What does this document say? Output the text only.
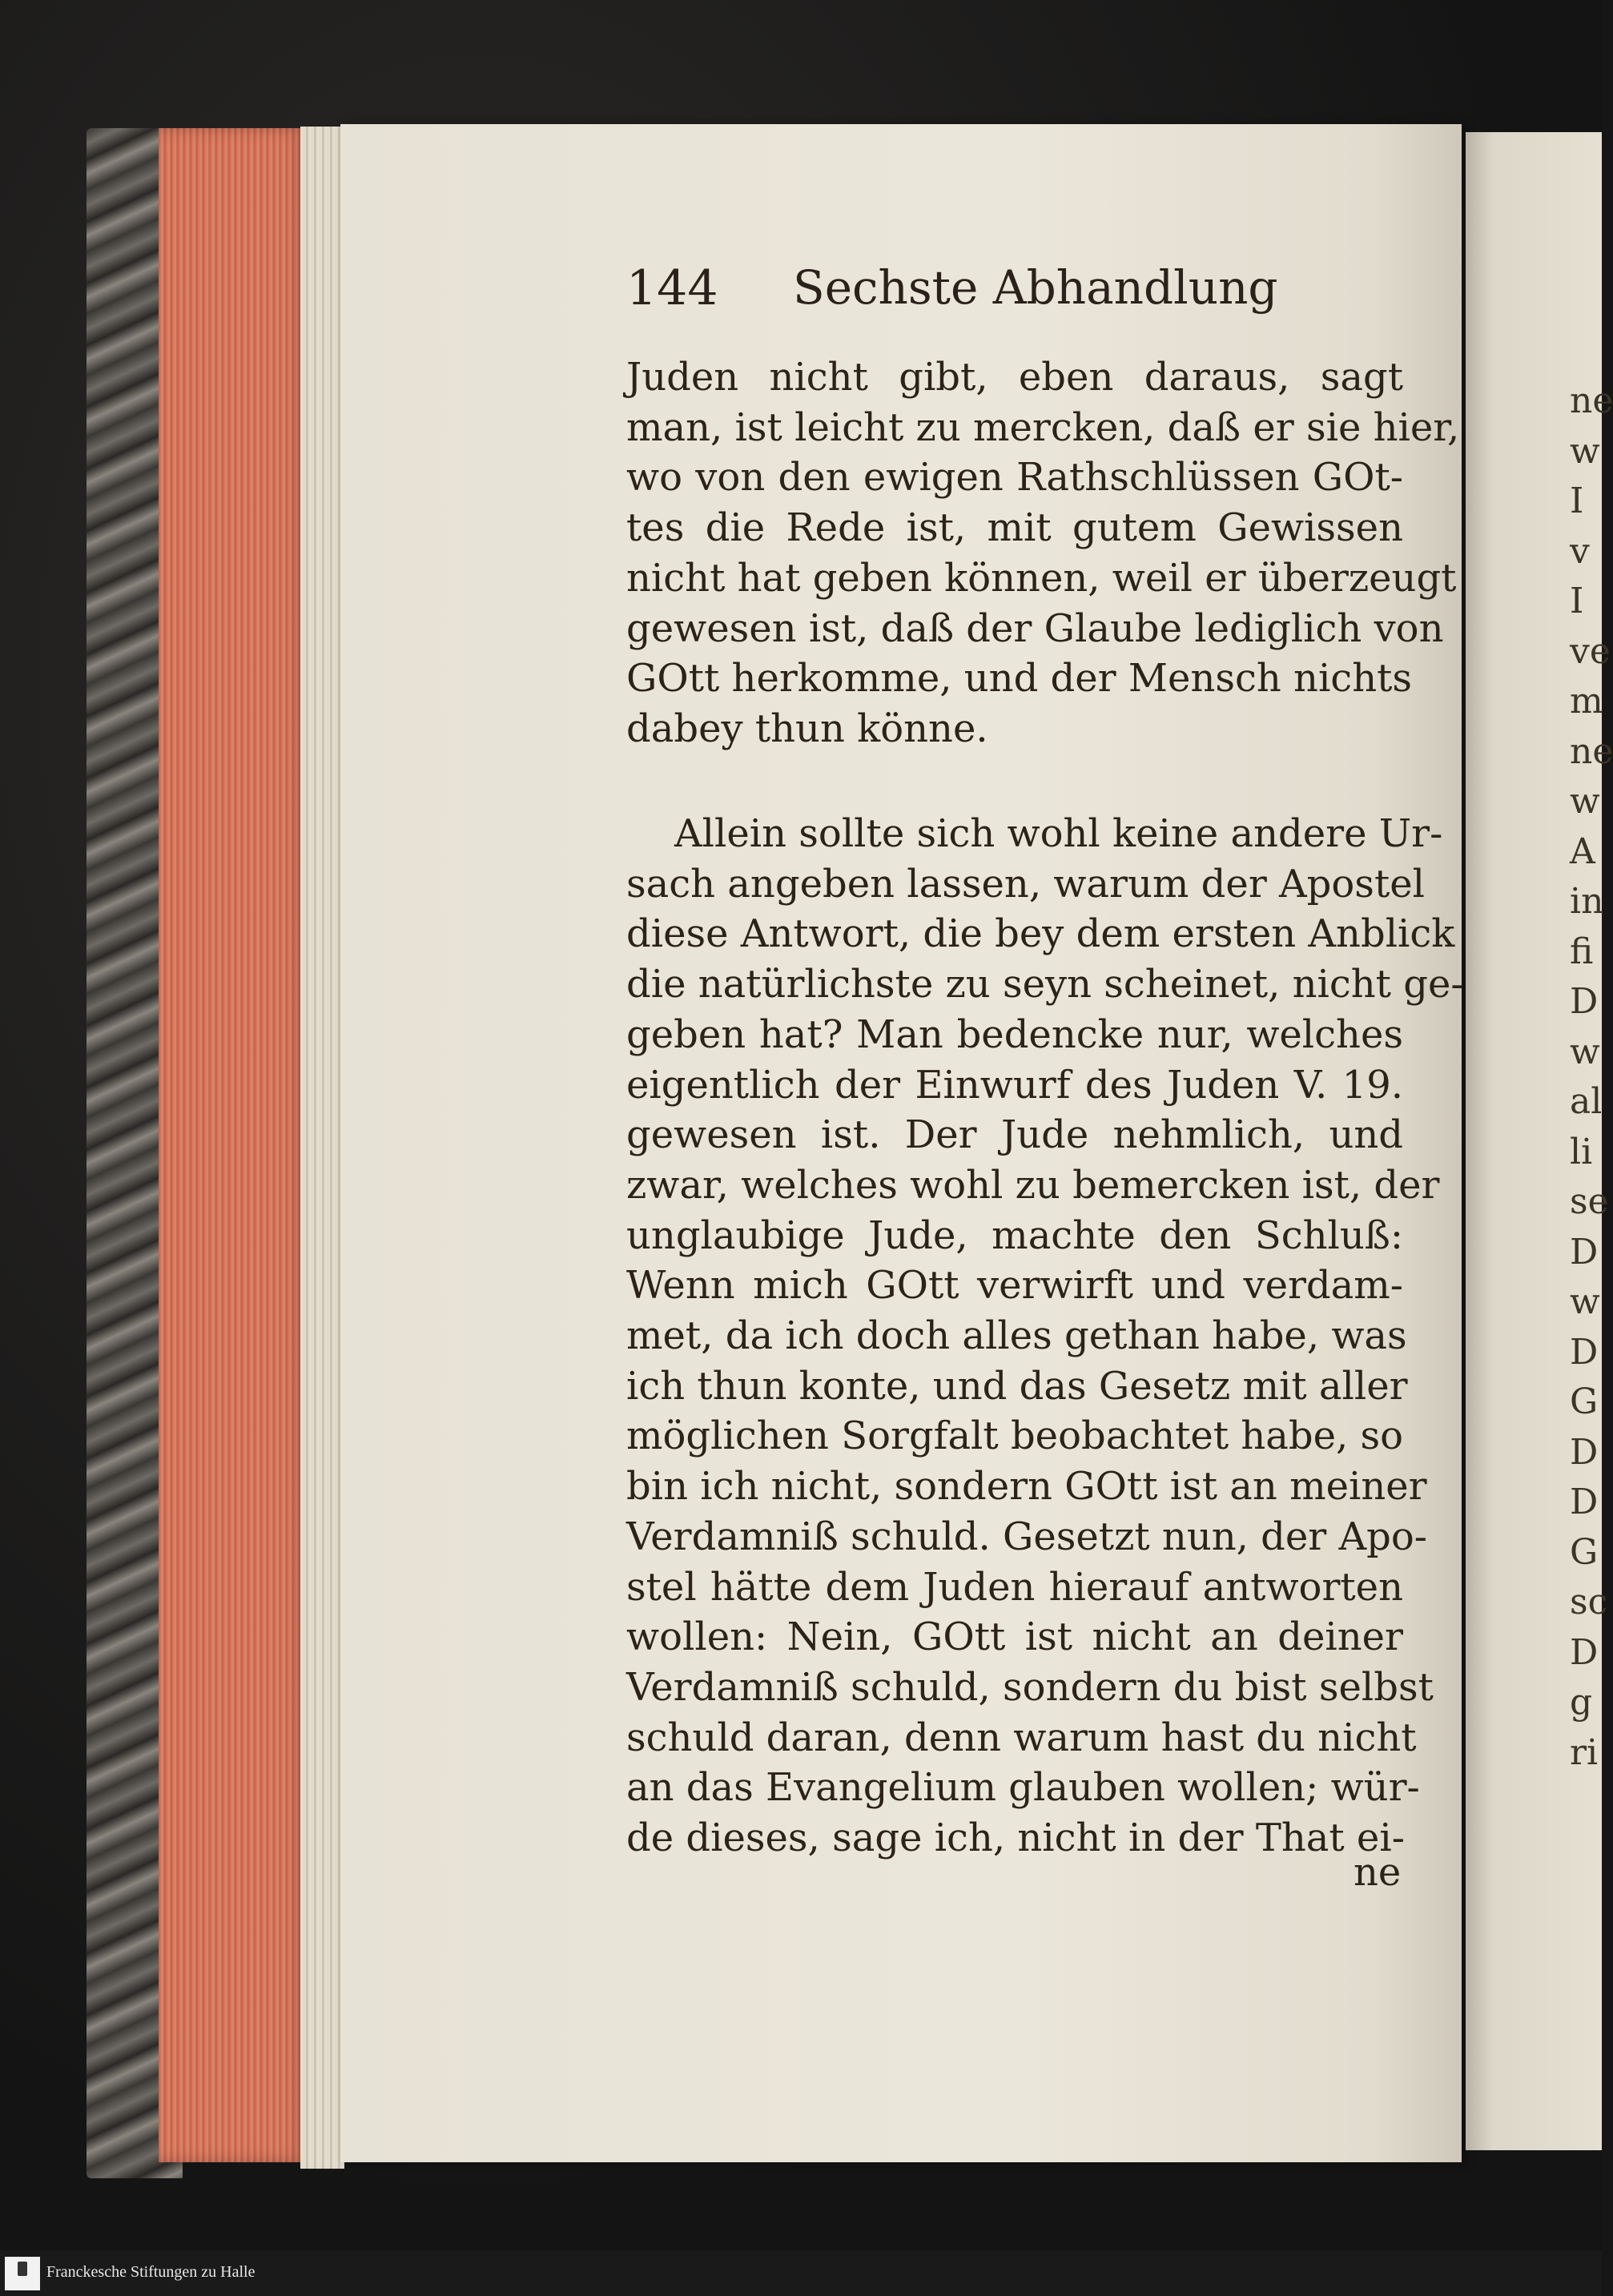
ne
w
I
v
I
ve
m
ne
w
A
in
fi
D
w
al
li
se
D
w
D
G
D
D
G
sc
D
g
ri
144 Sechste Abhandlung
Juden nicht gibt, eben daraus, sagt
man, ist leicht zu mercken, daß er sie hier,
wo von den ewigen Rathschlüssen GOt-
tes die Rede ist, mit gutem Gewissen
nicht hat geben können, weil er überzeugt
gewesen ist, daß der Glaube lediglich von
GOtt herkomme, und der Mensch nichts
dabey thun könne.
Allein sollte sich wohl keine andere Ur-
sach angeben lassen, warum der Apostel
diese Antwort, die bey dem ersten Anblick
die natürlichste zu seyn scheinet, nicht ge-
geben hat? Man bedencke nur, welches
eigentlich der Einwurf des Juden V. 19.
gewesen ist. Der Jude nehmlich, und
zwar, welches wohl zu bemercken ist, der
unglaubige Jude, machte den Schluß:
Wenn mich GOtt verwirft und verdam-
met, da ich doch alles gethan habe, was
ich thun konte, und das Gesetz mit aller
möglichen Sorgfalt beobachtet habe, so
bin ich nicht, sondern GOtt ist an meiner
Verdamniß schuld. Gesetzt nun, der Apo-
stel hätte dem Juden hierauf antworten
wollen: Nein, GOtt ist nicht an deiner
Verdamniß schuld, sondern du bist selbst
schuld daran, denn warum hast du nicht
an das Evangelium glauben wollen; wür-
de dieses, sage ich, nicht in der That ei-
ne
Franckesche Stiftungen zu Halle
